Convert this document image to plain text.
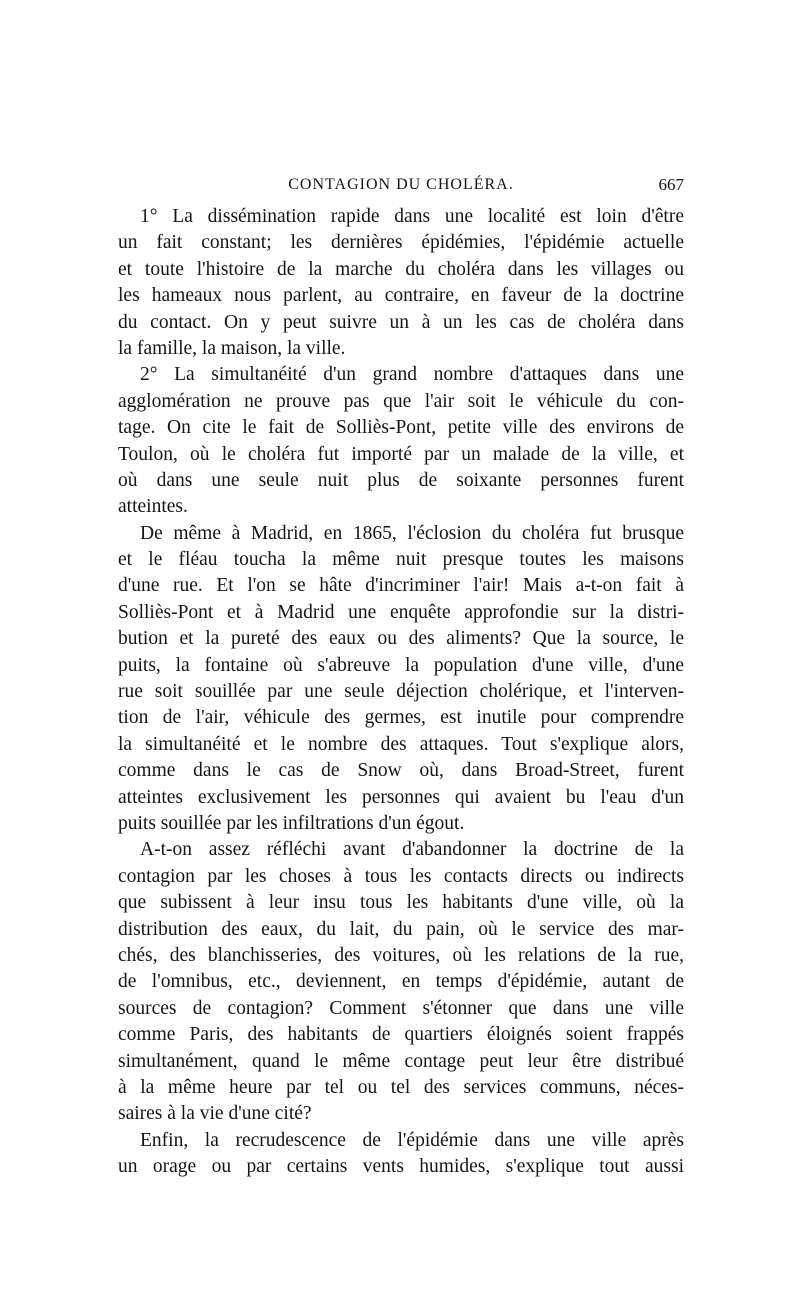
CONTAGION DU CHOLÉRA.	667
1° La dissémination rapide dans une localité est loin d'être
un fait constant; les dernières épidémies, l'épidémie actuelle
et toute l'histoire de la marche du choléra dans les villages ou
les hameaux nous parlent, au contraire, en faveur de la doctrine
du contact. On y peut suivre un à un les cas de choléra dans
la famille, la maison, la ville.
2° La simultanéité d'un grand nombre d'attaques dans une
agglomération ne prouve pas que l'air soit le véhicule du con-
tage. On cite le fait de Solliès-Pont, petite ville des environs de
Toulon, où le choléra fut importé par un malade de la ville, et
où dans une seule nuit plus de soixante personnes furent
atteintes.
De même à Madrid, en 1865, l'éclosion du choléra fut brusque
et le fléau toucha la même nuit presque toutes les maisons
d'une rue. Et l'on se hâte d'incriminer l'air! Mais a-t-on fait à
Solliès-Pont et à Madrid une enquête approfondie sur la distri-
bution et la pureté des eaux ou des aliments? Que la source, le
puits, la fontaine où s'abreuve la population d'une ville, d'une
rue soit souillée par une seule déjection cholérique, et l'interven-
tion de l'air, véhicule des germes, est inutile pour comprendre
la simultanéité et le nombre des attaques. Tout s'explique alors,
comme dans le cas de Snow où, dans Broad-Street, furent
atteintes exclusivement les personnes qui avaient bu l'eau d'un
puits souillée par les infiltrations d'un égout.
A-t-on assez réfléchi avant d'abandonner la doctrine de la
contagion par les choses à tous les contacts directs ou indirects
que subissent à leur insu tous les habitants d'une ville, où la
distribution des eaux, du lait, du pain, où le service des mar-
chés, des blanchisseries, des voitures, où les relations de la rue,
de l'omnibus, etc., deviennent, en temps d'épidémie, autant de
sources de contagion? Comment s'étonner que dans une ville
comme Paris, des habitants de quartiers éloignés soient frappés
simultanément, quand le même contage peut leur être distribué
à la même heure par tel ou tel des services communs, néces-
saires à la vie d'une cité?
Enfin, la recrudescence de l'épidémie dans une ville après
un orage ou par certains vents humides, s'explique tout aussi
